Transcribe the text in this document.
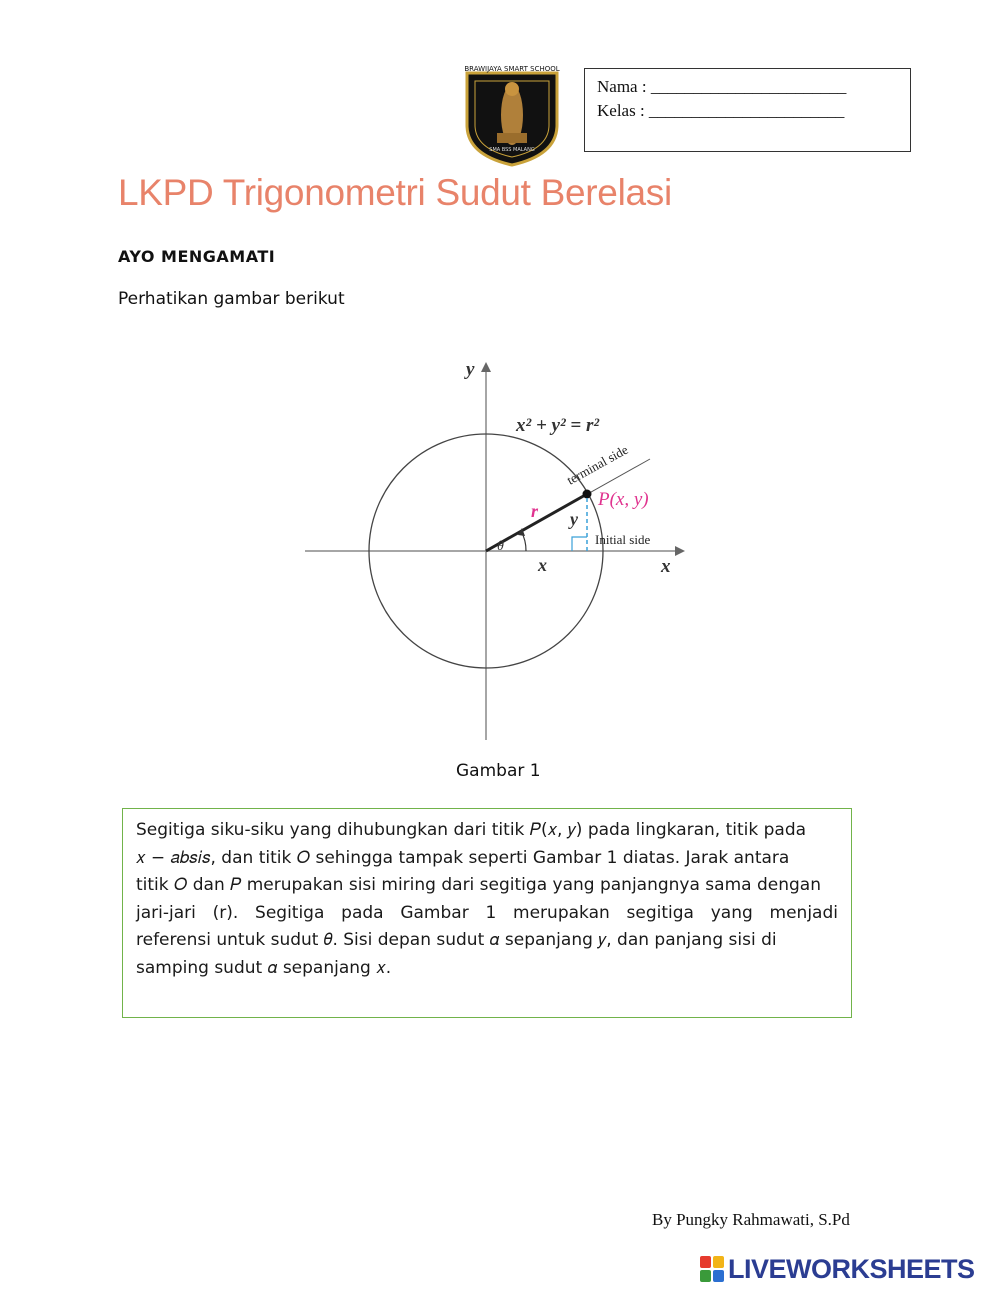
BRAWIJAYA SMART SCHOOL
SMA BSS MALANG
Nama : _______________________
Kelas : _______________________
LKPD Trigonometri Sudut Berelasi
AYO MENGAMATI
Perhatikan gambar berikut
y
x
x² + y² = r²
terminal side
P(x, y)
r y
x
θ	Initial side
Gambar 1
Segitiga siku-siku yang dihubungkan dari titik 𝑃(𝑥, 𝑦) pada lingkaran, titik pada
𝑥 − 𝑎𝑏𝑠𝑖𝑠, dan titik 𝑂 sehingga tampak seperti Gambar 1 diatas. Jarak antara
titik 𝑂 dan 𝑃 merupakan sisi miring dari segitiga yang panjangnya sama dengan
jari-jari (r). Segitiga pada Gambar 1 merupakan segitiga yang menjadi
referensi untuk sudut 𝜃. Sisi depan sudut 𝛼 sepanjang 𝑦, dan panjang sisi di
samping sudut 𝛼 sepanjang 𝑥.
By Pungky Rahmawati, S.Pd
LIVEWORKSHEETS
